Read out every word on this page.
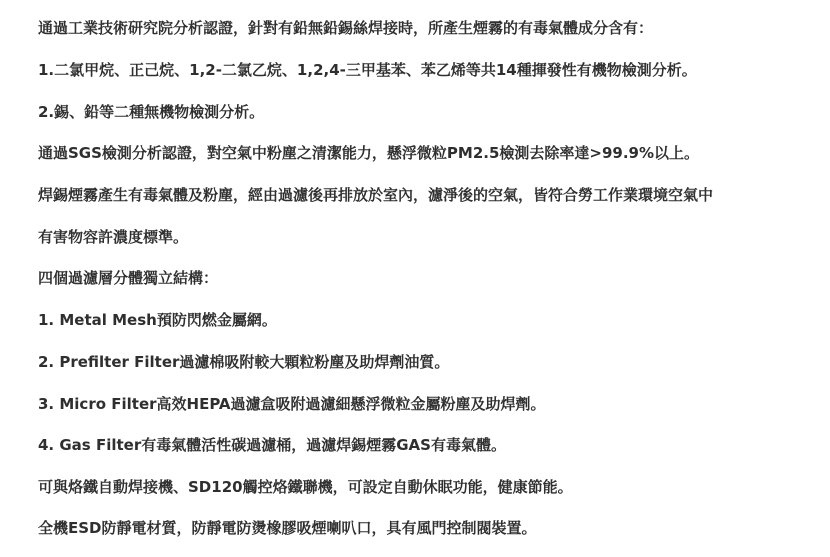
通過工業技術研究院分析認證，針對有鉛無鉛錫絲焊接時，所產生煙霧的有毒氣體成分含有：
1.二氯甲烷、正己烷、1,2-二氯乙烷、1,2,4-三甲基苯、苯乙烯等共14種揮發性有機物檢測分析。
2.錫、鉛等二種無機物檢測分析。
通過SGS檢測分析認證，對空氣中粉塵之清潔能力，懸浮微粒PM2.5檢測去除率達>99.9%以上。
焊錫煙霧產生有毒氣體及粉塵，經由過濾後再排放於室內，濾淨後的空氣，皆符合勞工作業環境空氣中
有害物容許濃度標準。
四個過濾層分體獨立結構：
1. Metal Mesh預防閃燃金屬網。
2. Prefilter Filter過濾棉吸附較大顆粒粉塵及助焊劑油質。
3. Micro Filter高效HEPA過濾盒吸附過濾細懸浮微粒金屬粉塵及助焊劑。
4. Gas Filter有毒氣體活性碳過濾桶，過濾焊錫煙霧GAS有毒氣體。
可與烙鐵自動焊接機、SD120觸控烙鐵聯機，可設定自動休眠功能，健康節能。
全機ESD防靜電材質，防靜電防燙橡膠吸煙喇叭口，具有風門控制閥裝置。
